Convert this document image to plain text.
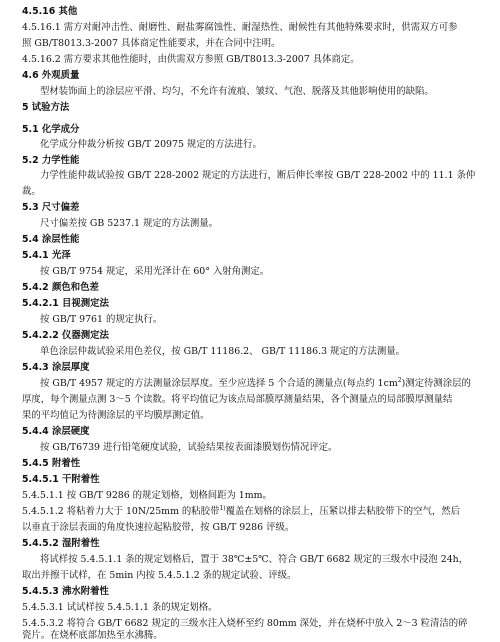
4.5.16 其他
4.5.16.1 需方对耐冲击性、耐磨性、耐盐雾腐蚀性、耐湿热性、耐候性有其他特殊要求时，供需双方可参
照 GB/T8013.3-2007 具体商定性能要求，并在合同中注明。
4.5.16.2 需方要求其他性能时，由供需双方参照 GB/T8013.3-2007 具体商定。
4.6 外观质量
型材装饰面上的涂层应平滑、均匀，不允许有流痕、皱纹、气泡、脱落及其他影响使用的缺陷。
5 试验方法
5.1 化学成分
化学成分仲裁分析按 GB/T 20975 规定的方法进行。
5.2 力学性能
力学性能仲裁试验按 GB/T 228-2002 规定的方法进行，断后伸长率按 GB/T 228-2002 中的 11.1 条仲
裁。
5.3 尺寸偏差
尺寸偏差按 GB 5237.1 规定的方法测量。
5.4 涂层性能
5.4.1 光泽
按 GB/T 9754 规定，采用光泽计在 60° 入射角测定。
5.4.2 颜色和色差
5.4.2.1 目视测定法
按 GB/T 9761 的规定执行。
5.4.2.2 仪器测定法
单色涂层仲裁试验采用色差仪，按 GB/T 11186.2、 GB/T 11186.3 规定的方法测量。
5.4.3 涂层厚度
按 GB/T 4957 规定的方法测量涂层厚度。至少应选择 5 个合适的测量点(每点约 $1cm^2$)测定待测涂层的
厚度，每个测量点测 3～5 个读数。将平均值记为该点局部膜厚测量结果，各个测量点的局部膜厚测量结
果的平均值记为待测涂层的平均膜厚测定值。
5.4.4 涂层硬度
按 GB/T6739 进行铅笔硬度试验，试验结果按表面漆膜划伤情况评定。
5.4.5 附着性
5.4.5.1 干附着性
5.4.5.1.1 按 GB/T 9286 的规定划格，划格间距为 1mm。
5.4.5.1.2 将粘着力大于 10N/25mm 的粘胶带$^{1)}$覆盖在划格的涂层上，压紧以排去粘胶带下的空气，然后
以垂直于涂层表面的角度快速拉起粘胶带，按 GB/T 9286 评级。
5.4.5.2 湿附着性
将试样按 5.4.5.1.1 条的规定划格后，置于 38℃±5℃、符合 GB/T 6682 规定的三级水中浸泡 24h，
取出并擦干试样，在 5min 内按 5.4.5.1.2 条的规定试验、评级。
5.4.5.3 沸水附着性
5.4.5.3.1 试试样按 5.4.5.1.1 条的规定划格。
5.4.5.3.2 将符合 GB/T 6682 规定的三级水注入烧杯至约 80mm 深处，并在烧杯中放入 2～3 粒清洁的碎
瓷片。在烧杯底部加热至水沸腾。
